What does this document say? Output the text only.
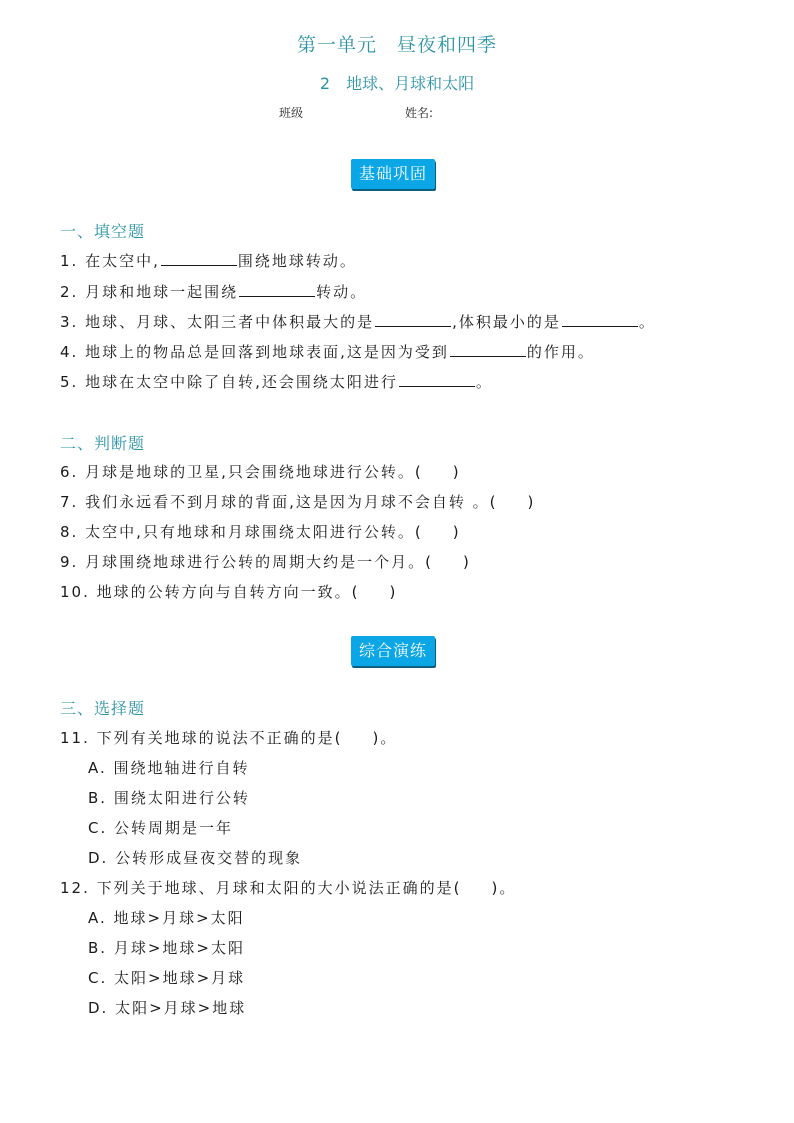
第一单元 昼夜和四季
2 地球、月球和太阳
班级	姓名:
基础巩固
一、填空题
1. 在太空中,	围绕地球转动。
2. 月球和地球一起围绕	转动。
3. 地球、月球、太阳三者中体积最大的是	,体积最小的是	。
4. 地球上的物品总是回落到地球表面,这是因为受到	的作用。
5. 地球在太空中除了自转,还会围绕太阳进行	。
二、判断题
6. 月球是地球的卫星,只会围绕地球进行公转。( )
7. 我们永远看不到月球的背面,这是因为月球不会自转 。( )
8. 太空中,只有地球和月球围绕太阳进行公转。( )
9. 月球围绕地球进行公转的周期大约是一个月。( )
10. 地球的公转方向与自转方向一致。( )
综合演练
三、选择题
11. 下列有关地球的说法不正确的是( )。
A. 围绕地轴进行自转
B. 围绕太阳进行公转
C. 公转周期是一年
D. 公转形成昼夜交替的现象
12. 下列关于地球、月球和太阳的大小说法正确的是( )。
A. 地球>月球>太阳
B. 月球>地球>太阳
C. 太阳>地球>月球
D. 太阳>月球>地球
